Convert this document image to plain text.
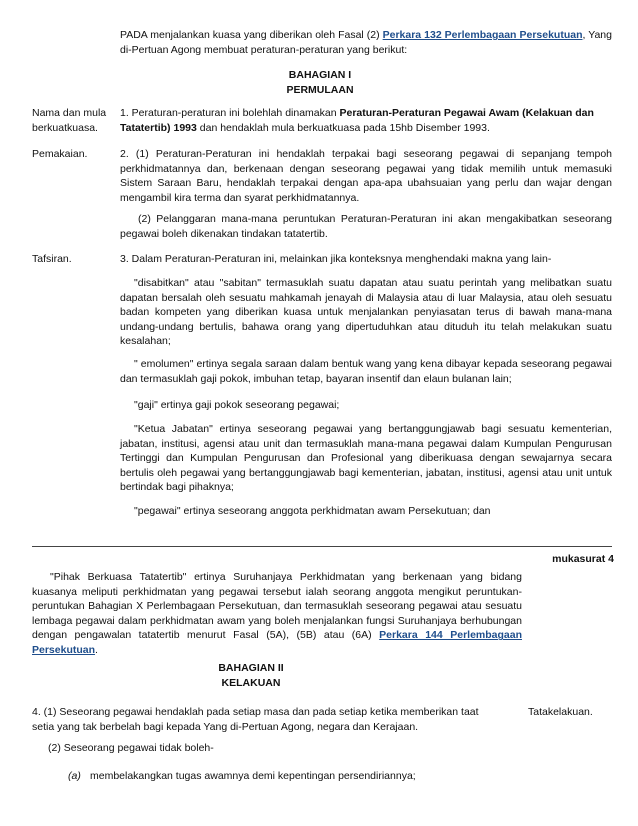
PADA menjalankan kuasa yang diberikan oleh Fasal (2) Perkara 132 Perlembagaan Persekutuan, Yang di-Pertuan Agong membuat peraturan-peraturan yang berikut:

BAHAGIAN I
PERMULAAN

Nama dan mula berkuatkuasa.

1. Peraturan-peraturan ini bolehlah dinamakan Peraturan-Peraturan Pegawai Awam (Kelakuan dan Tatatertib) 1993 dan hendaklah mula berkuatkuasa pada 15hb Disember 1993.

Pemakaian.	2. (1) Peraturan-Peraturan ini hendaklah terpakai bagi seseorang pegawai di sepanjang tempoh perkhidmatannya dan, berkenaan dengan seseorang pegawai yang tidak memilih untuk memasuki Sistem Saraan Baru, hendaklah terpakai dengan apa-apa ubahsuaian yang perlu dan wajar dengan mengambil kira terma dan syarat perkhidmatannya.

(2) Pelanggaran mana-mana peruntukan Peraturan-Peraturan ini akan mengakibatkan seseorang pegawai boleh dikenakan tindakan tatatertib.

Tafsiran.	3. Dalam Peraturan-Peraturan ini, melainkan jika konteksnya menghendaki makna yang lain-

"disabitkan" atau "sabitan" termasuklah suatu dapatan atau suatu perintah yang melibatkan suatu dapatan bersalah oleh sesuatu mahkamah jenayah di Malaysia atau di luar Malaysia, atau oleh sesuatu badan kompeten yang diberikan kuasa untuk menjalankan penyiasatan terus di bawah mana-mana undang-undang bertulis, bahawa orang yang dipertuduhkan atau dituduh itu telah melakukan suatu kesalahan;

" emolumen" ertinya segala saraan dalam bentuk wang yang kena dibayar kepada seseorang pegawai dan termasuklah gaji pokok, imbuhan tetap, bayaran insentif dan elaun bulanan lain;

"gaji" ertinya gaji pokok seseorang pegawai;

"Ketua Jabatan" ertinya seseorang pegawai yang bertanggungjawab bagi sesuatu kementerian, jabatan, institusi, agensi atau unit dan termasuklah mana-mana pegawai dalam Kumpulan Pengurusan Tertinggi dan Kumpulan Pengurusan dan Profesional yang diberikuasa dengan sewajarnya secara bertulis oleh pegawai yang bertanggungjawab bagi kementerian, jabatan, institusi, agensi atau unit untuk bertindak bagi pihaknya;

"pegawai" ertinya seseorang anggota perkhidmatan awam Persekutuan; dan

mukasurat 4

"Pihak Berkuasa Tatatertib" ertinya Suruhanjaya Perkhidmatan yang berkenaan yang bidang kuasanya meliputi perkhidmatan yang pegawai tersebut ialah seorang anggota mengikut peruntukan-peruntukan Bahagian X Perlembagaan Persekutuan, dan termasuklah seseorang pegawai atau sesuatu lembaga pegawai dalam perkhidmatan awam yang boleh menjalankan fungsi Suruhanjaya berhubungan dengan pengawalan tatatertib menurut Fasal (5A), (5B) atau (6A) Perkara 144 Perlembagaan Persekutuan.

BAHAGIAN II
KELAKUAN

4. (1) Seseorang pegawai hendaklah pada setiap masa dan pada setiap ketika memberikan taat setia yang tak berbelah bagi kepada Yang di-Pertuan Agong, negara dan Kerajaan.

Tatakelakuan.

(2) Seseorang pegawai tidak boleh-

(a) membelakangkan tugas awamnya demi kepentingan persendiriannya;
